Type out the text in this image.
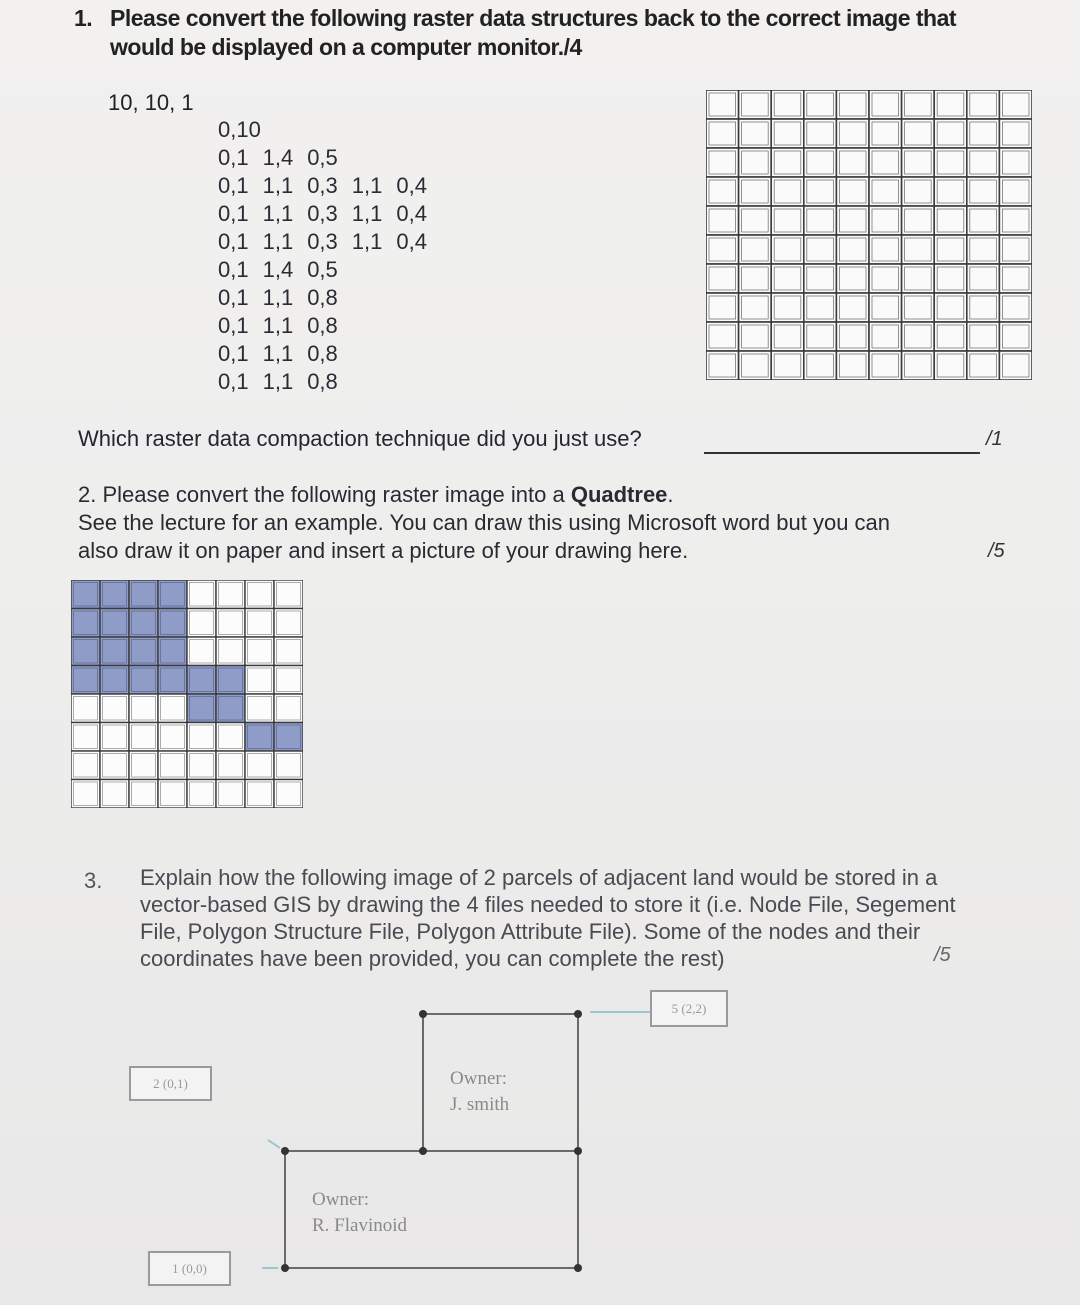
1. Please convert the following raster data structures back to the correct image that
would be displayed on a computer monitor./4
10, 10, 1
0,10
0,1 1,4 0,5
0,1 1,1 0,3 1,1 0,4
0,1 1,1 0,3 1,1 0,4
0,1 1,1 0,3 1,1 0,4
0,1 1,4 0,5
0,1 1,1 0,8
0,1 1,1 0,8
0,1 1,1 0,8
0,1 1,1 0,8
Which raster data compaction technique did you just use?	/1
2. Please convert the following raster image into a Quadtree.
See the lecture for an example. You can draw this using Microsoft word but you can
also draw it on paper and insert a picture of your drawing here.	/5
3. Explain how the following image of 2 parcels of adjacent land would be stored in a
vector-based GIS by drawing the 4 files needed to store it (i.e. Node File, Segement
File, Polygon Structure File, Polygon Attribute File). Some of the nodes and their
coordinates have been provided, you can complete the rest)	/5
5 (2,2)
2 (0,1)
1 (0,0)
Owner:
J. smith
Owner:
R. Flavinoid
